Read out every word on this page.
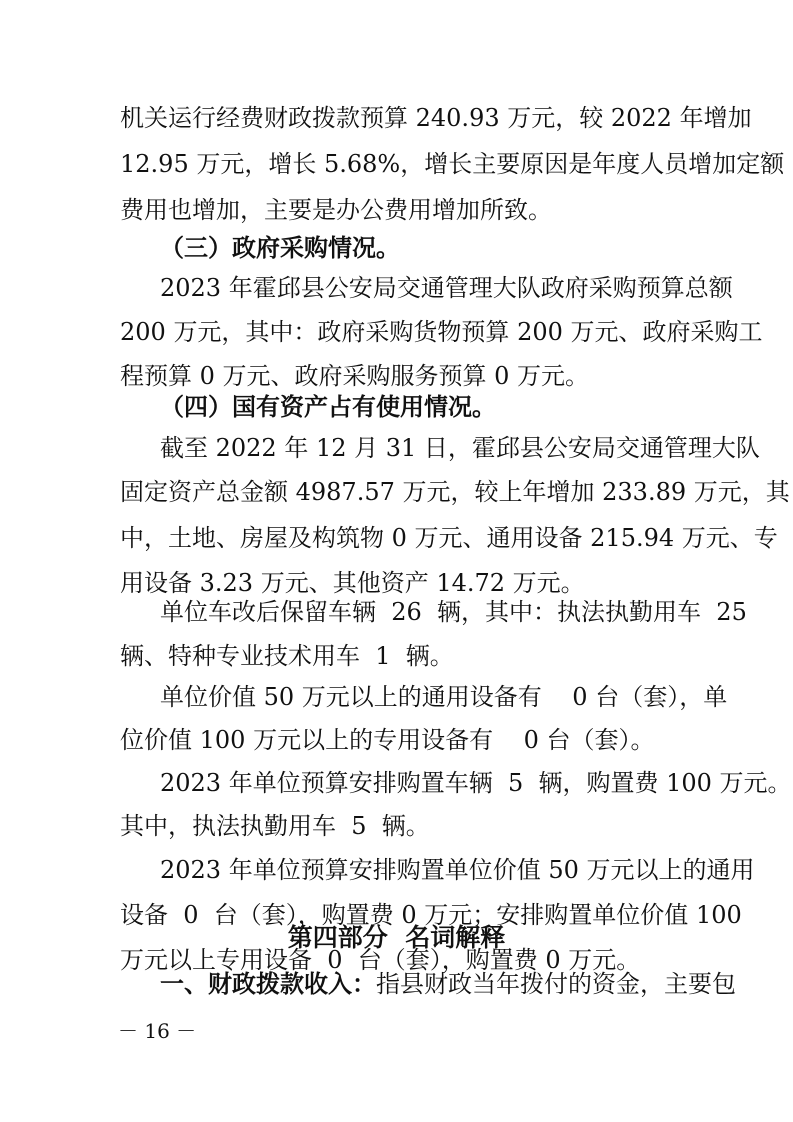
机关运行经费财政拨款预算 240.93 万元，较 2022 年增加
12.95 万元，增长 5.68%，增长主要原因是年度人员增加定额
费用也增加，主要是办公费用增加所致。
（三）政府采购情况。
2023 年霍邱县公安局交通管理大队政府采购预算总额
200 万元，其中：政府采购货物预算 200 万元、政府采购工
程预算 0 万元、政府采购服务预算 0 万元。
（四）国有资产占有使用情况。
截至 2022 年 12 月 31 日，霍邱县公安局交通管理大队
固定资产总金额 4987.57 万元，较上年增加 233.89 万元，其
中，土地、房屋及构筑物 0 万元、通用设备 215.94 万元、专
用设备 3.23 万元、其他资产 14.72 万元。
单位车改后保留车辆  26  辆，其中：执法执勤用车  25
辆、特种专业技术用车  1  辆。
单位价值 50 万元以上的通用设备有    0 台（套），单
位价值 100 万元以上的专用设备有    0 台（套）。
2023 年单位预算安排购置车辆  5  辆，购置费 100 万元。
其中，执法执勤用车  5  辆。
2023 年单位预算安排购置单位价值 50 万元以上的通用
设备  0  台（套），购置费 0 万元；安排购置单位价值 100
万元以上专用设备  0  台（套），购置费 0 万元。
第四部分  名词解释
一、财政拨款收入：指县财政当年拨付的资金，主要包
－ 16 －
